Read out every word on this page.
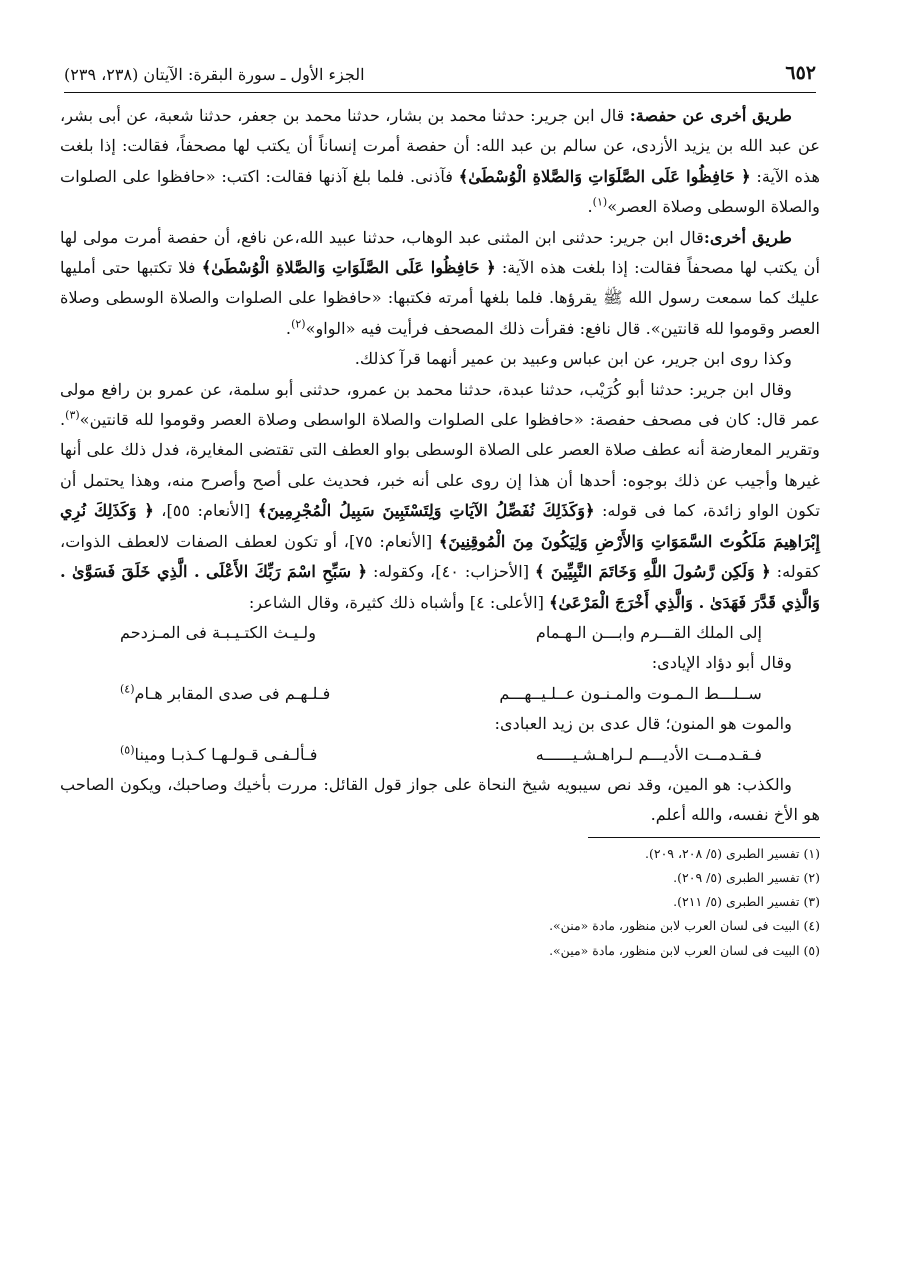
٦٥٢
الجزء الأول ـ سورة البقرة: الآيتان (٢٣٨، ٢٣٩)

طريق أخرى عن حفصة: قال ابن جرير: حدثنا محمد بن بشار، حدثنا محمد بن جعفر، حدثنا شعبة، عن أبى بشر، عن عبد الله بن يزيد الأزدى، عن سالم بن عبد الله: أن حفصة أمرت إنساناً أن يكتب لها مصحفاً، فقالت: إذا بلغت هذه الآية: ﴿ حَافِظُوا عَلَى الصَّلَوَاتِ وَالصَّلاةِ الْوُسْطَىٰ﴾ فآذنى. فلما بلغ آذنها فقالت: اكتب: «حافظوا على الصلوات والصلاة الوسطى وصلاة العصر»$^{(١)}$.

طريق أخرى:قال ابن جرير: حدثنى ابن المثنى عبد الوهاب، حدثنا عبيد الله،عن نافع، أن حفصة أمرت مولى لها أن يكتب لها مصحفاً فقالت: إذا بلغت هذه الآية: ﴿ حَافِظُوا عَلَى الصَّلَوَاتِ وَالصَّلاةِ الْوُسْطَىٰ﴾ فلا تكتبها حتى أمليها عليك كما سمعت رسول الله ﷺ يقرؤها. فلما بلغها أمرته فكتبها: «حافظوا على الصلوات والصلاة الوسطى وصلاة العصر وقوموا لله قانتين». قال نافع: فقرأت ذلك المصحف فرأيت فيه «الواو»$^{(٢)}$.

وكذا روى ابن جرير، عن ابن عباس وعبيد بن عمير أنهما قرآ كذلك.

وقال ابن جرير: حدثنا أبو كُرَيْب، حدثنا عبدة، حدثنا محمد بن عمرو، حدثنى أبو سلمة، عن عمرو بن رافع مولى عمر قال: كان فى مصحف حفصة: «حافظوا على الصلوات والصلاة الواسطى وصلاة العصر وقوموا لله قانتين»$^{(٣)}$. وتقرير المعارضة أنه عطف صلاة العصر على الصلاة الوسطى بواو العطف التى تقتضى المغايرة، فدل ذلك على أنها غيرها وأجيب عن ذلك بوجوه: أحدها أن هذا إن روى على أنه خبر، فحديث على أصح وأصرح منه، وهذا يحتمل أن تكون الواو زائدة، كما فى قوله: ﴿وَكَذَلِكَ نُفَصِّلُ الآيَاتِ وَلِتَسْتَبِينَ سَبِيلُ الْمُجْرِمِينَ﴾ [الأنعام: ٥٥]، ﴿ وَكَذَلِكَ نُرِي إِبْرَاهِيمَ مَلَكُوتَ السَّمَوَاتِ وَالأَرْضِ وَلِيَكُونَ مِنَ الْمُوقِنِينَ﴾ [الأنعام: ٧٥]، أو تكون لعطف الصفات لالعطف الذوات، كقوله: ﴿ وَلَكِن رَّسُولَ اللَّهِ وَخَاتَمَ النَّبِيِّينَ ﴾ [الأحزاب: ٤٠]، وكقوله: ﴿ سَبِّحِ اسْمَ رَبِّكَ الأَعْلَى . الَّذِي خَلَقَ فَسَوَّىٰ . وَالَّذِي قَدَّرَ فَهَدَىٰ . وَالَّذِي أَخْرَجَ الْمَرْعَىٰ﴾ [الأعلى: ٤] وأشباه ذلك كثيرة، وقال الشاعر:

إلى الملك القـــرم وابـــن الـهـمام
ولـيـث الكتـيـبـة فى المـزدحم

وقال أبو دؤاد الإيادى:

ســلـــط الـمـوت والمـنـون عــلـيــهـــم
فـلـهـم فى صدى المقابر هـام$^{(٤)}$

والموت هو المنون؛ قال عدى بن زيد العبادى:

فـقـدمــت الأديـــم لـراهـشـيــــــه
فـألـفـى قـولـهـا كـذبـا ومينا$^{(٥)}$

والكذب: هو المين، وقد نص سيبويه شيخ النحاة على جواز قول القائل: مررت بأخيك وصاحبك، ويكون الصاحب هو الأخ نفسه، والله أعلم.

(١) تفسير الطبرى (٥/ ٢٠٨، ٢٠٩).
(٢) تفسير الطبرى (٥/ ٢٠٩).
(٣) تفسير الطبرى (٥/ ٢١١).
(٤) البيت فى لسان العرب لابن منظور، مادة «منن».
(٥) البيت فى لسان العرب لابن منظور، مادة «مين».
